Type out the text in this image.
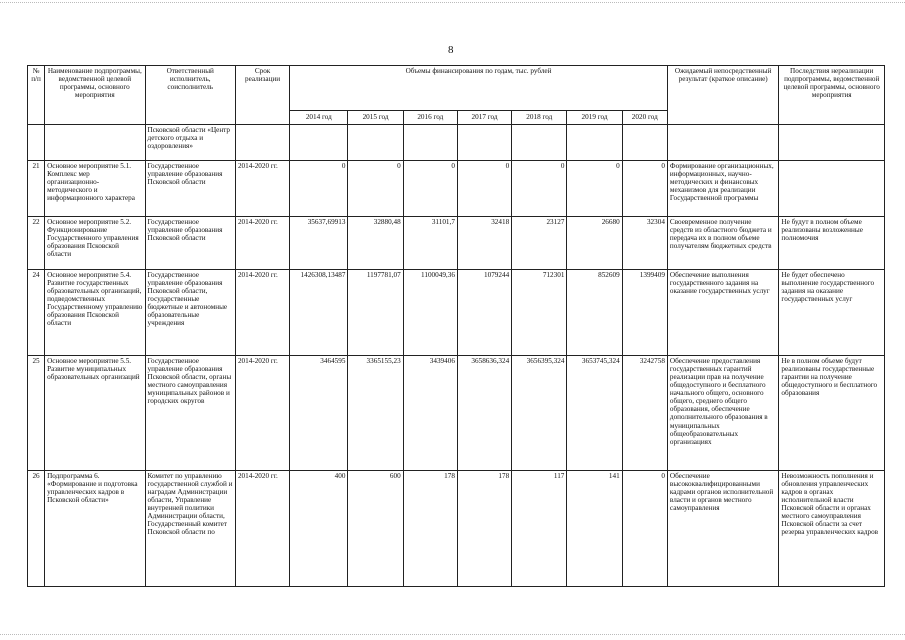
8
№ п/п	Наименование подпрограммы, ведомственной целевой программы, основного мероприятия	Ответственный исполнитель, соисполнитель	Срок реализации	Объемы финансирования по годам, тыс. рублей							Ожидаемый непосредственный результат (краткое описание)	Последствия нереализации подпрограммы, ведомственной целевой программы, основного мероприятия
				2014 год	2015 год	2016 год	2017 год	2018 год	2019 год	2020 год		
		Псковской области «Центр детского отдыха и оздоровления»										
21	Основное мероприятие 5.1. Комплекс мер организационно-методического и информационного характера	Государственное управление образования Псковской области	2014-2020 гг.	0	0	0	0	0	0	0	Формирование организационных, информационных, научно-методических и финансовых механизмов для реализации Государственной программы	
22	Основное мероприятие 5.2. Функционирование Государственного управления образования Псковской области	Государственное управление образования Псковской области	2014-2020 гг.	35637,69913	32880,48	31101,7	32418	23127	26680	32304	Своевременное получение средств из областного бюджета и передача их в полном объеме получателям бюджетных средств	Не будут в полном объеме реализованы возложенные полномочия
24	Основное мероприятие 5.4. Развитие государственных образовательных организаций, подведомственных Государственному управлению образования Псковской области	Государственное управление образования Псковской области, государственные бюджетные и автономные образовательные учреждения	2014-2020 гг.	1426308,13487	1197781,07	1100049,36	1079244	712301	852609	1399409	Обеспечение выполнения государственного задания на оказание государственных услуг	Не будет обеспечено выполнение государственного задания на оказание государственных услуг
25	Основное мероприятие 5.5. Развитие муниципальных образовательных организаций	Государственное управление образования Псковской области, органы местного самоуправления муниципальных районов и городских округов	2014-2020 гг.	3464595	3365155,23	3439406	3658636,324	3656395,324	3653745,324	3242758	Обеспечение предоставления государственных гарантий реализации прав на получение общедоступного и бесплатного начального общего, основного общего, среднего общего образования, обеспечение дополнительного образования в муниципальных общеобразовательных организациях	Не в полном объеме будут реализованы государственные гарантии на получение общедоступного и бесплатного образования
26	Подпрограмма 6. «Формирование и подготовка управленческих кадров в Псковской области»	Комитет по управлению государственной службой и наградам Администрации области, Управление внутренней политики Администрации области, Государственный комитет Псковской области по	2014-2020 гг.	400	600	178	178	117	141	0	Обеспечение высококвалифицированными кадрами органов исполнительной власти и органов местного самоуправления	Невозможность пополнения и обновления управленческих кадров в органах исполнительной власти Псковской области и органах местного самоуправления Псковской области за счет резерва управленческих кадров
